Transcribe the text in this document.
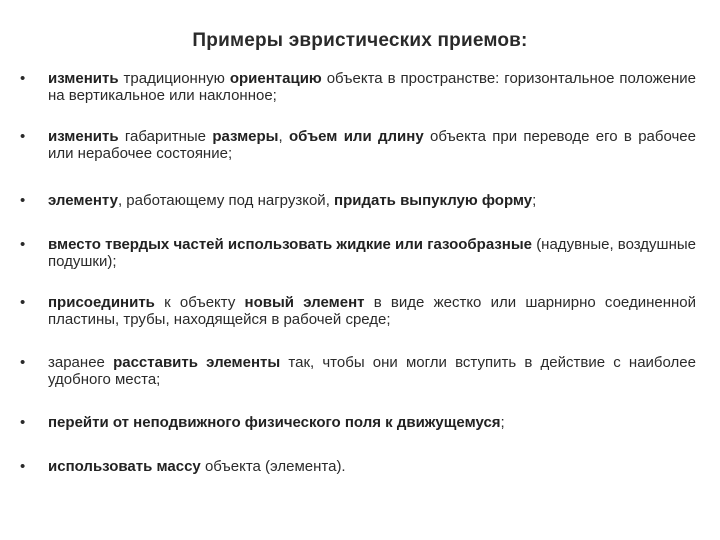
Примеры эвристических приемов:
• изменить традиционную ориентацию объекта в пространстве: горизонтальное положение на вертикальное или наклонное;
• изменить габаритные размеры, объем или длину объекта при переводе его в рабочее или нерабочее состояние;
• элементу, работающему под нагрузкой, придать выпуклую форму;
• вместо твердых частей использовать жидкие или газообразные (надувные, воздушные подушки);
• присоединить к объекту новый элемент в виде жестко или шарнирно соединенной пластины, трубы, находящейся в рабочей среде;
• заранее расставить элементы так, чтобы они могли вступить в действие с наиболее удобного места;
• перейти от неподвижного физического поля к движущемуся;
• использовать массу объекта (элемента).
